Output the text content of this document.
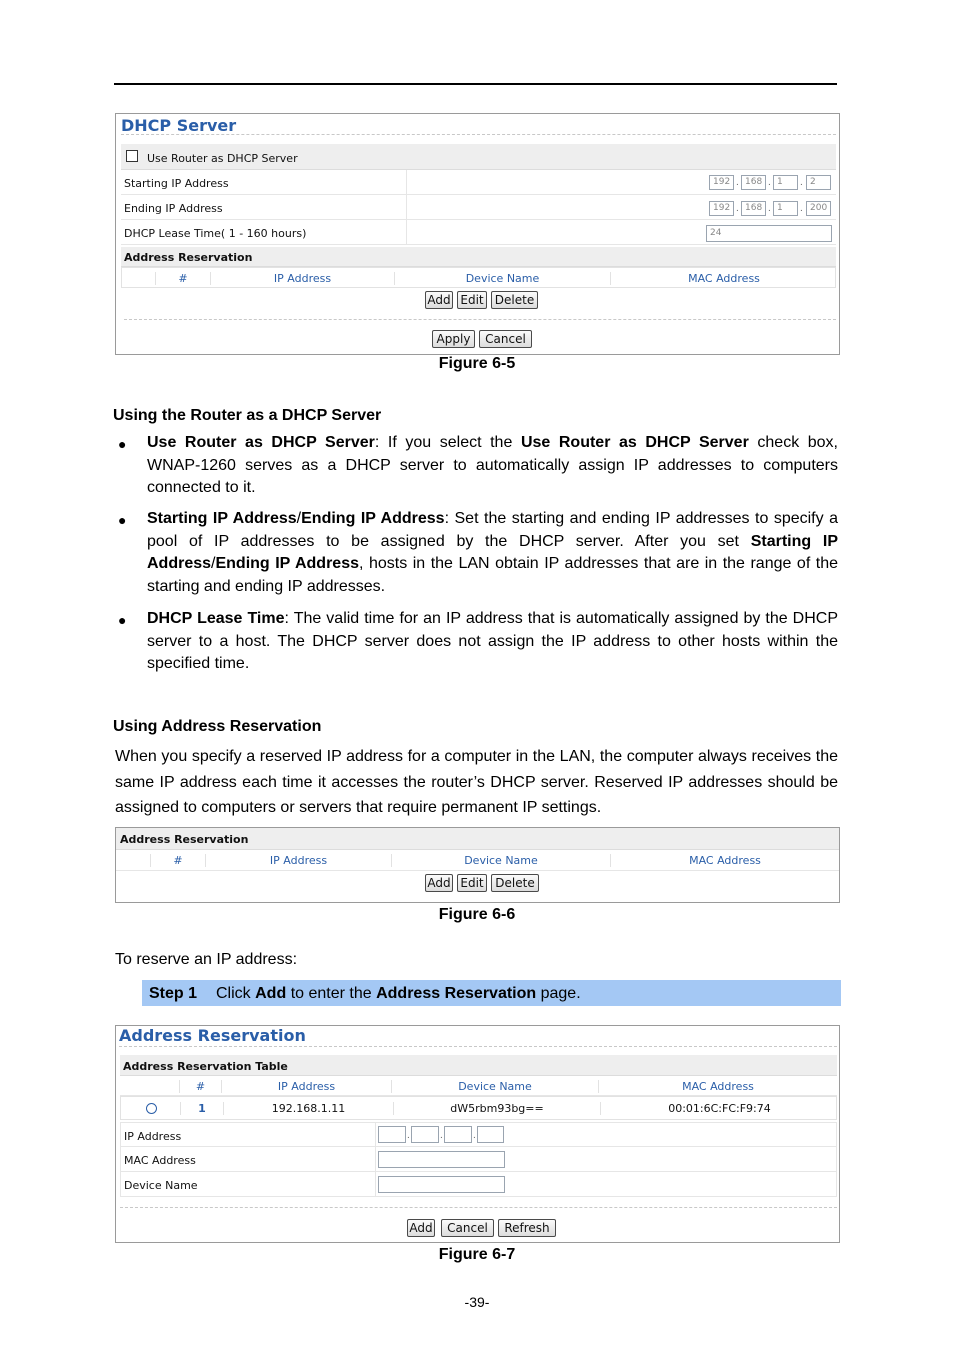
DHCP Server
Use Router as DHCP Server
Starting IP Address	192 . 168 . 1	. 2
Ending IP Address	192 . 168 . 1	. 200
DHCP Lease Time( 1 - 160 hours)	24
Address Reservation
#	IP Address	Device Name	MAC Address
Add Edit Delete
Apply	Cancel
Figure 6-5
Using the Router as a DHCP Server
● Use Router as DHCP Server: If you select the Use Router as DHCP Server check box,
WNAP-1260 serves as a DHCP server to automatically assign IP addresses to computers
connected to it.
● Starting IP Address/Ending IP Address: Set the starting and ending IP addresses to specify a
pool of IP addresses to be assigned by the DHCP server. After you set Starting IP
Address/Ending IP Address, hosts in the LAN obtain IP addresses that are in the range of the
starting and ending IP addresses.
● DHCP Lease Time: The valid time for an IP address that is automatically assigned by the DHCP
server to a host. The DHCP server does not assign the IP address to other hosts within the
specified time.
Using Address Reservation
When you specify a reserved IP address for a computer in the LAN, the computer always receives the
same IP address each time it accesses the router’s DHCP server. Reserved IP addresses should be
assigned to computers or servers that require permanent IP settings.
Address Reservation
#	IP Address	Device Name	MAC Address
Add Edit Delete
Figure 6-6
To reserve an IP address:
Step 1 Click Add to enter the Address Reservation page.
Address Reservation
Address Reservation Table
#	IP Address	Device Name	MAC Address
1	192.168.1.11	dW5rbm93bg==	00:01:6C:FC:F9:74
IP Address	.	.	.
MAC Address
Device Name
Add	Cancel	Refresh
Figure 6-7
-39-
